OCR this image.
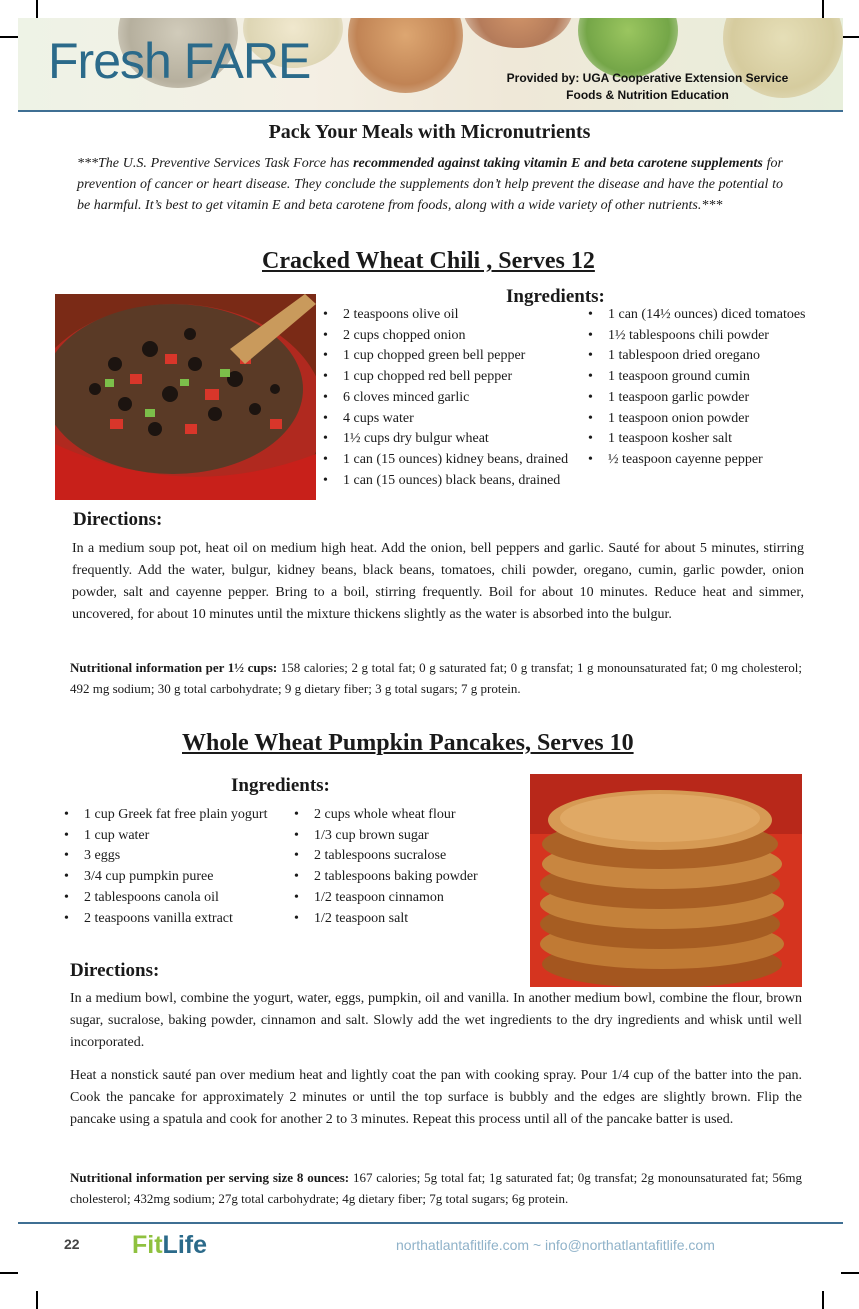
Fresh FARE	Provided by: UGA Cooperative Extension Service
Foods & Nutrition Education
Pack Your Meals with Micronutrients
***The U.S. Preventive Services Task Force has recommended against taking vitamin E and beta carotene supplements for prevention of cancer or heart disease. They conclude the supplements don’t help prevent the disease and have the potential to be harmful. It’s best to get vitamin E and beta carotene from foods, along with a wide variety of other nutrients.***
Cracked Wheat Chili , Serves 12
Ingredients:
• 2 teaspoons olive oil
• 2 cups chopped onion
• 1 cup chopped green bell pepper
• 1 cup chopped red bell pepper
• 6 cloves minced garlic
• 4 cups water
• 1½ cups dry bulgur wheat
• 1 can (15 ounces) kidney beans, drained
• 1 can (15 ounces) black beans, drained
• 1 can (14½ ounces) diced tomatoes
• 1½ tablespoons chili powder
• 1 tablespoon dried oregano
• 1 teaspoon ground cumin
• 1 teaspoon garlic powder
• 1 teaspoon onion powder
• 1 teaspoon kosher salt
• ½ teaspoon cayenne pepper
Directions:
In a medium soup pot, heat oil on medium high heat. Add the onion, bell peppers and garlic. Sauté for about 5 minutes, stirring frequently. Add the water, bulgur, kidney beans, black beans, tomatoes, chili powder, oregano, cumin, garlic powder, onion powder, salt and cayenne pepper. Bring to a boil, stirring frequently. Boil for about 10 minutes. Reduce heat and simmer, uncovered, for about 10 minutes until the mixture thickens slightly as the water is absorbed into the bulgur.
Nutritional information per 1½ cups: 158 calories; 2 g total fat; 0 g saturated fat; 0 g transfat; 1 g monounsaturated fat; 0 mg cholesterol; 492 mg sodium; 30 g total carbohydrate; 9 g dietary fiber; 3 g total sugars; 7 g protein.
Whole Wheat Pumpkin Pancakes, Serves 10
Ingredients:
• 1 cup Greek fat free plain yogurt
• 1 cup water
• 3 eggs
• 3/4 cup pumpkin puree
• 2 tablespoons canola oil
• 2 teaspoons vanilla extract
• 2 cups whole wheat flour
• 1/3 cup brown sugar
• 2 tablespoons sucralose
• 2 tablespoons baking powder
• 1/2 teaspoon cinnamon
• 1/2 teaspoon salt
Directions:
In a medium bowl, combine the yogurt, water, eggs, pumpkin, oil and vanilla. In another medium bowl, combine the flour, brown sugar, sucralose, baking powder, cinnamon and salt. Slowly add the wet ingredients to the dry ingredients and whisk until well incorporated.
Heat a nonstick sauté pan over medium heat and lightly coat the pan with cooking spray. Pour 1/4 cup of the batter into the pan. Cook the pancake for approximately 2 minutes or until the top surface is bubbly and the edges are slightly brown. Flip the pancake using a spatula and cook for another 2 to 3 minutes. Repeat this process until all of the pancake batter is used.
Nutritional information per serving size 8 ounces: 167 calories; 5g total fat; 1g saturated fat; 0g transfat; 2g monounsaturated fat; 56mg cholesterol; 432mg sodium; 27g total carbohydrate; 4g dietary fiber; 7g total sugars; 6g protein.
22 FitLife	northatlantafitlife.com ~ info@northatlantafitlife.com
